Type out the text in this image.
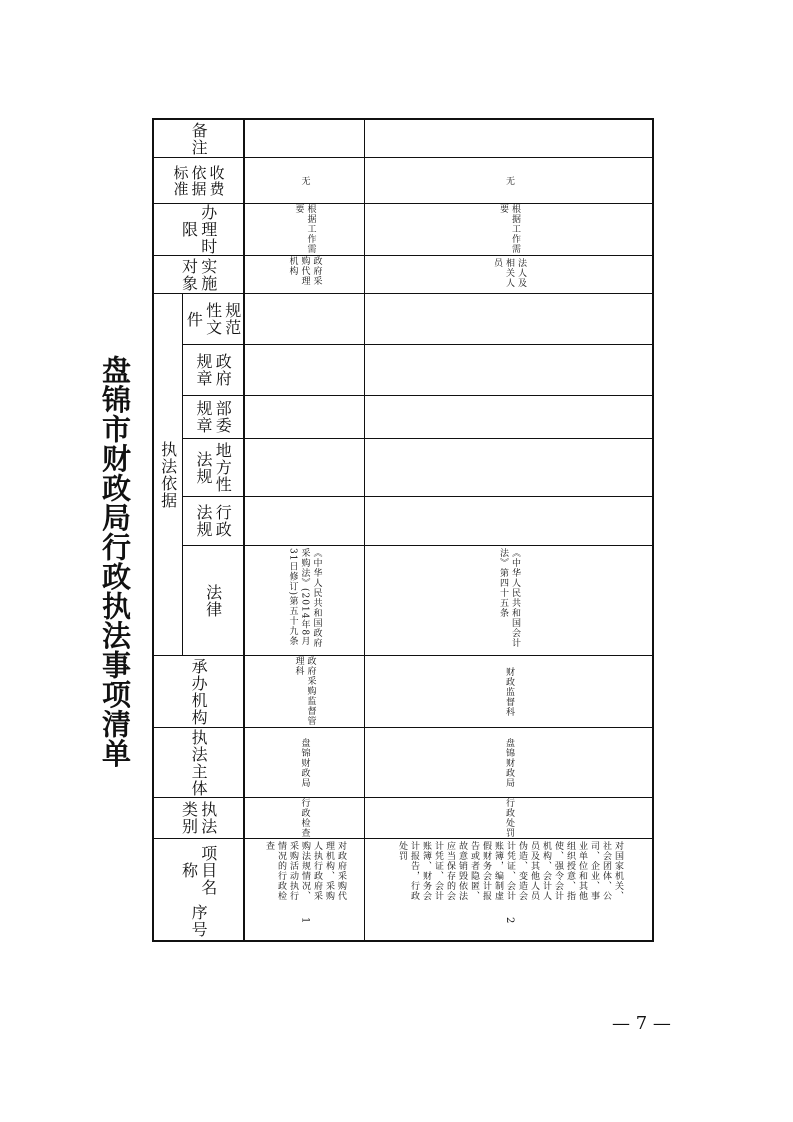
盘锦市财政局行政执法事项清单
备注
收费依据标准
办理时限
实施对象
执法依据
规范性文件
政府规章
部委规章
地方性法规
行政法规
法律
承办机构
执法主体
执法类别
项目名称
序号
无
根据工作需要
政府采购代理机构
《中华人民共和国政府采购法》(2014年8月31日修订)第五十九条
政府采购监督管理科
盘锦财政局
行政检查
对政府采购代理机构、采购人执行政府采购法规情况、采购活动执行情况的行政检查
1
无
根据工作需要
法人及相关人员
《中华人民共和国会计法》第四十五条
财政监督科
盘锦财政局
行政处罚
对国家机关、社会团体、公司、企业、事业单位和其他组织授意、指使、强令会计机构、会计人员及其他人员伪造、变造会计凭证、会计账簿，编制虚假财务会计报告或者隐匿、故意销毁依法应当保存的会计凭证、会计账簿、财务会计报告，行政处罚
2
— 7 —
